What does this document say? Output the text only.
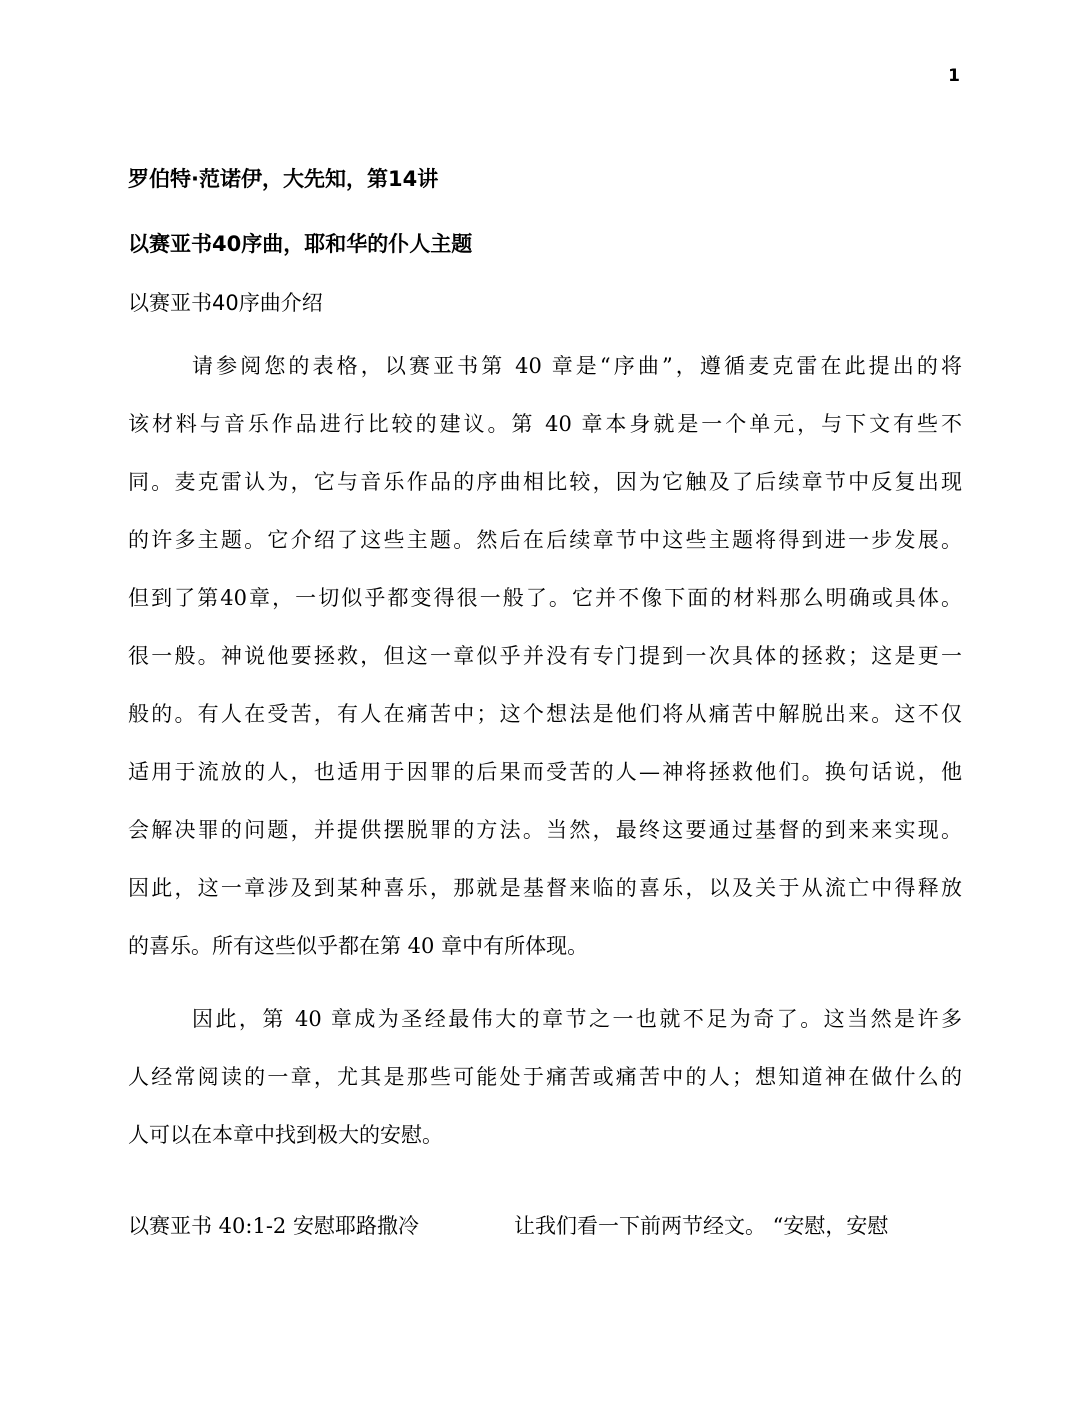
1
罗伯特·范诺伊，大先知，第14讲
以赛亚书40序曲，耶和华的仆人主题
以赛亚书40序曲介绍
请参阅您的表格，以赛亚书第 40 章是“序曲”，遵循麦克雷在此提出的将
该材料与音乐作品进行比较的建议。第 40 章本身就是一个单元，与下文有些不
同。麦克雷认为，它与音乐作品的序曲相比较，因为它触及了后续章节中反复出现
的许多主题。它介绍了这些主题。然后在后续章节中这些主题将得到进一步发展。
但到了第40章，一切似乎都变得很一般了。它并不像下面的材料那么明确或具体。
很一般。神说他要拯救，但这一章似乎并没有专门提到一次具体的拯救；这是更一
般的。有人在受苦，有人在痛苦中；这个想法是他们将从痛苦中解脱出来。这不仅
适用于流放的人，也适用于因罪的后果而受苦的人—神将拯救他们。换句话说，他
会解决罪的问题，并提供摆脱罪的方法。当然，最终这要通过基督的到来来实现。
因此，这一章涉及到某种喜乐，那就是基督来临的喜乐，以及关于从流亡中得释放
的喜乐。所有这些似乎都在第 40 章中有所体现。
因此，第 40 章成为圣经最伟大的章节之一也就不足为奇了。这当然是许多
人经常阅读的一章，尤其是那些可能处于痛苦或痛苦中的人；想知道神在做什么的
人可以在本章中找到极大的安慰。
以赛亚书 40:1-2 安慰耶路撒冷	让我们看一下前两节经文。 “安慰，安慰
